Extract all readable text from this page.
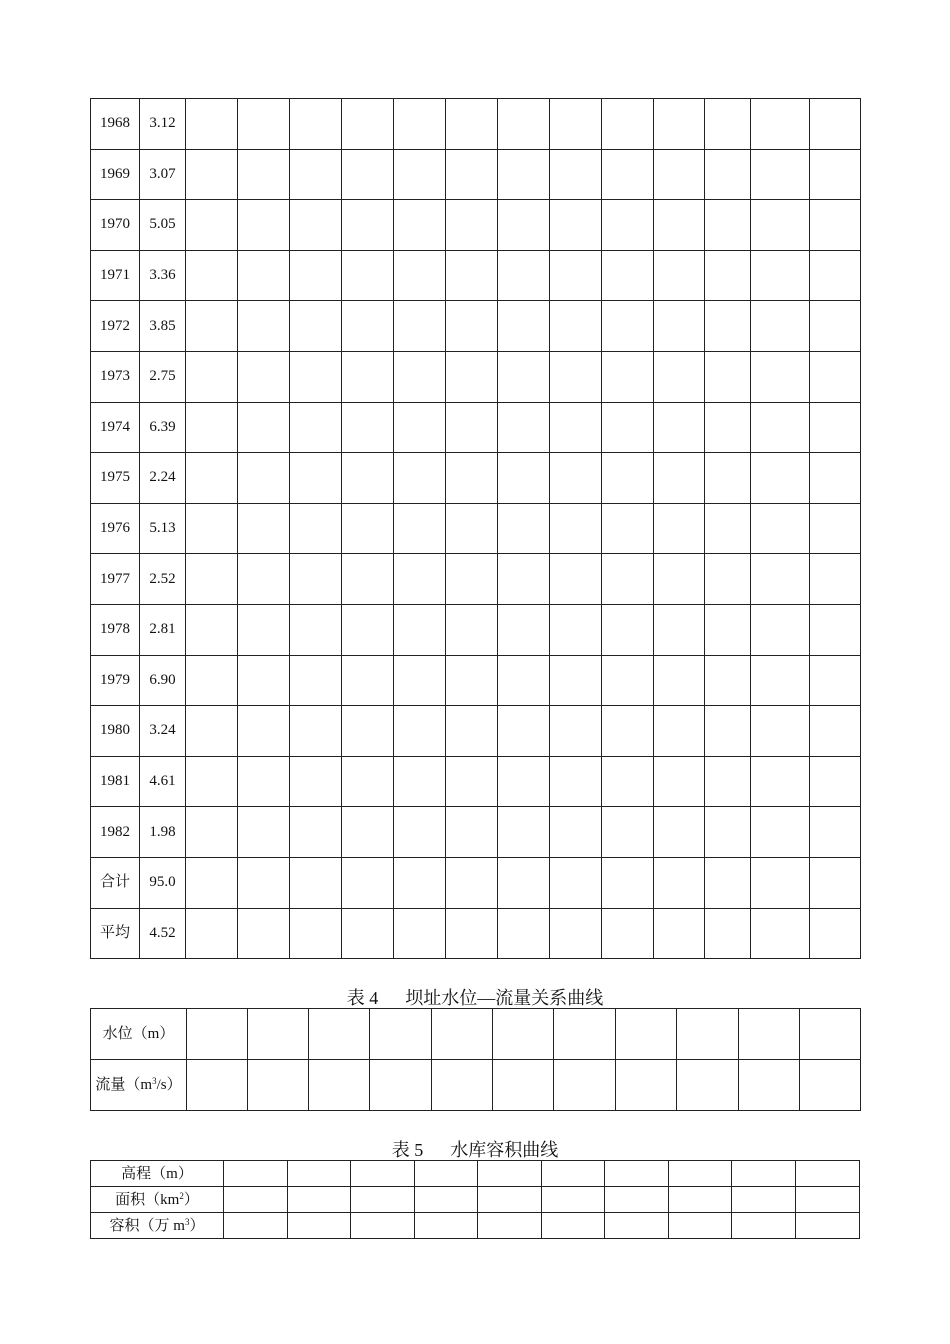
1968	3.12													
1969	3.07													
1970	5.05													
1971	3.36													
1972	3.85													
1973	2.75													
1974	6.39													
1975	2.24													
1976	5.13													
1977	2.52													
1978	2.81													
1979	6.90													
1980	3.24													
1981	4.61													
1982	1.98													
合计	95.0													
平均	4.52													
表 4      坝址水位—流量关系曲线
水位（m）											
流量$(m^3/s)$											
表 5      水库容积曲线
高程（m）										
面积$(km^2)$										
容积（万 $m^3$）										
